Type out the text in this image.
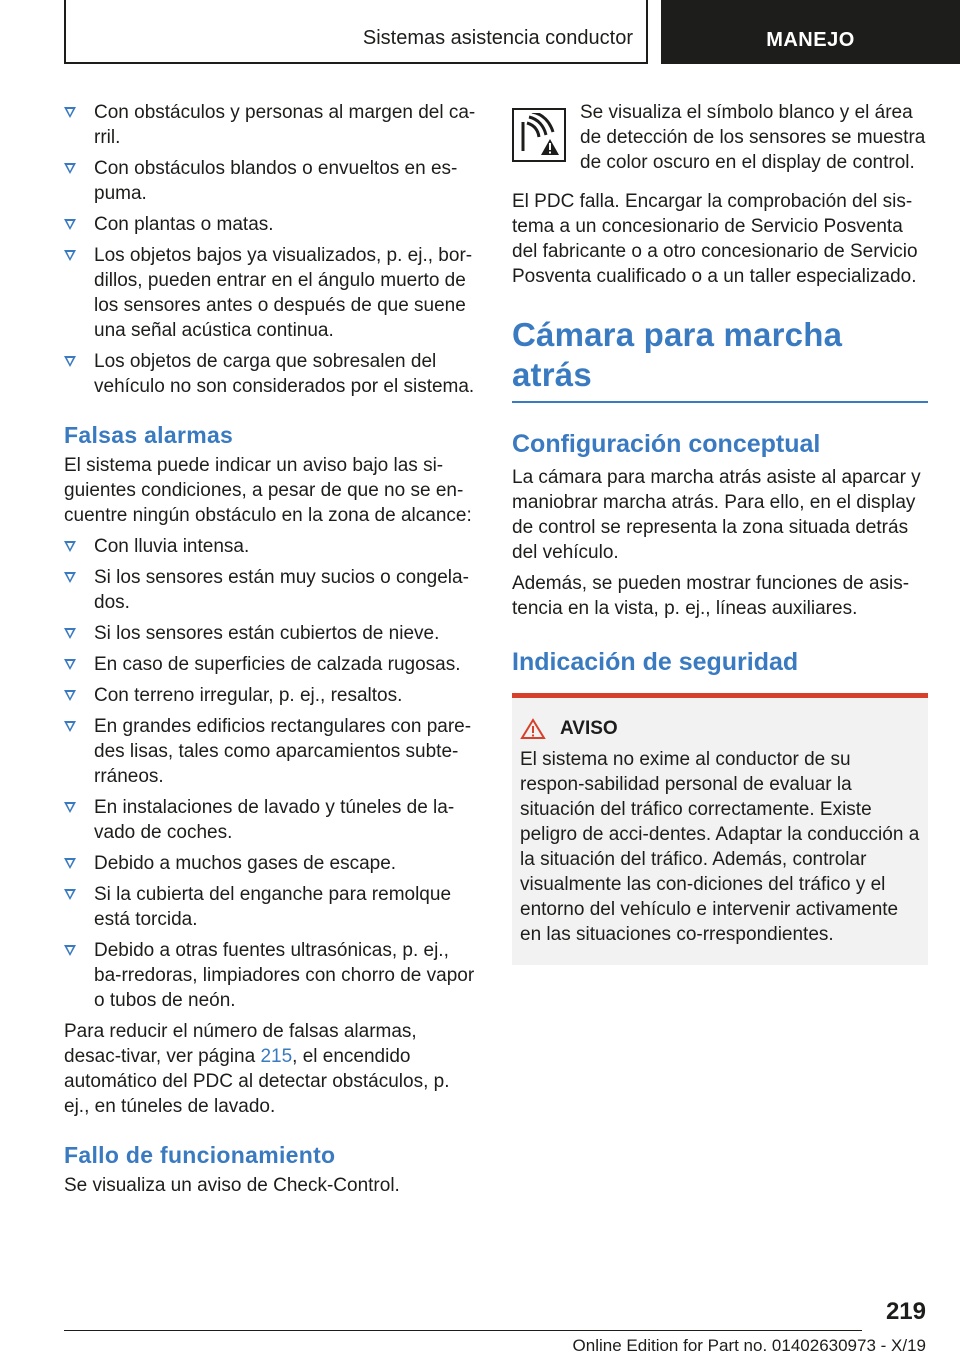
Sistemas asistencia conductor	MANEJO
Con obstáculos y personas al margen del ca-rril.
Con obstáculos blandos o envueltos en es-puma.
Con plantas o matas.
Los objetos bajos ya visualizados, p. ej., bor-dillos, pueden entrar en el ángulo muerto de los sensores antes o después de que suene una señal acústica continua.
Los objetos de carga que sobresalen del vehículo no son considerados por el sistema.
Falsas alarmas

El sistema puede indicar un aviso bajo las si-guientes condiciones, a pesar de que no se en-cuentre ningún obstáculo en la zona de alcance:

Con lluvia intensa.
Si los sensores están muy sucios o congela-dos.
Si los sensores están cubiertos de nieve.
En caso de superficies de calzada rugosas.
Con terreno irregular, p. ej., resaltos.
En grandes edificios rectangulares con pare-des lisas, tales como aparcamientos subte-rráneos.
En instalaciones de lavado y túneles de la-vado de coches.
Debido a muchos gases de escape.
Si la cubierta del enganche para remolque está torcida.
Debido a otras fuentes ultrasónicas, p. ej., ba-rredoras, limpiadores con chorro de vapor o tubos de neón.

Para reducir el número de falsas alarmas, desac-tivar, ver página 215, el encendido automático del PDC al detectar obstáculos, p. ej., en túneles de lavado.

Fallo de funcionamiento

Se visualiza un aviso de Check-Control.

Se visualiza el símbolo blanco y el área de detección de los sensores se muestra de color oscuro en el display de control.

El PDC falla. Encargar la comprobación del sis-tema a un concesionario de Servicio Posventa del fabricante o a otro concesionario de Servicio Posventa cualificado o a un taller especializado.

Cámara para marcha atrás
Configuración conceptual

La cámara para marcha atrás asiste al aparcar y maniobrar marcha atrás. Para ello, en el display de control se representa la zona situada detrás del vehículo.

Además, se pueden mostrar funciones de asis-tencia en la vista, p. ej., líneas auxiliares.

Indicación de seguridad
AVISO
El sistema no exime al conductor de su respon-sabilidad personal de evaluar la situación del tráfico correctamente. Existe peligro de acci-dentes. Adaptar la conducción a la situación del tráfico. Además, controlar visualmente las con-diciones del tráfico y el entorno del vehículo e intervenir activamente en las situaciones co-rrespondientes.
219
Online Edition for Part no. 01402630973 - X/19
